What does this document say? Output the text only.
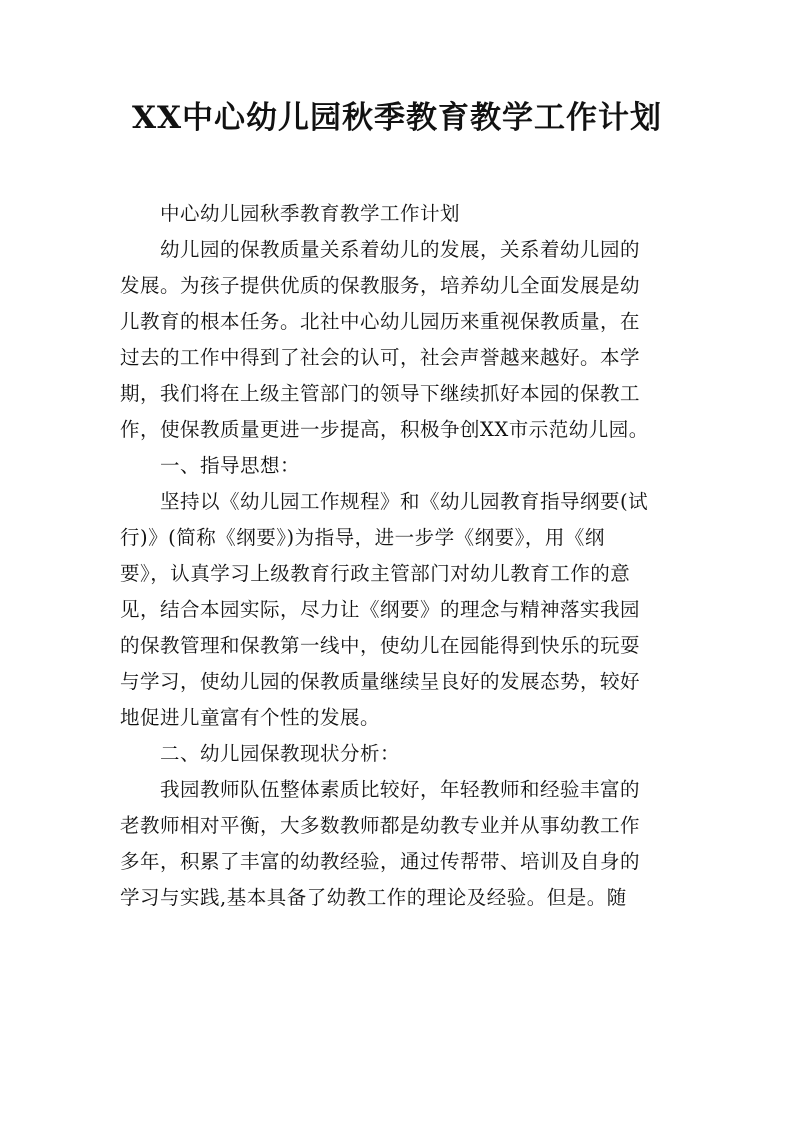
XX中心幼儿园秋季教育教学工作计划
中心幼儿园秋季教育教学工作计划
幼儿园的保教质量关系着幼儿的发展，关系着幼儿园的
发展。为孩子提供优质的保教服务，培养幼儿全面发展是幼
儿教育的根本任务。北社中心幼儿园历来重视保教质量，在
过去的工作中得到了社会的认可，社会声誉越来越好。本学
期，我们将在上级主管部门的领导下继续抓好本园的保教工
作，使保教质量更进一步提高，积极争创XX市示范幼儿园。
一、指导思想：
坚持以《幼儿园工作规程》和《幼儿园教育指导纲要(试
行)》(简称《纲要》)为指导，进一步学《纲要》，用《纲
要》，认真学习上级教育行政主管部门对幼儿教育工作的意
见，结合本园实际，尽力让《纲要》的理念与精神落实我园
的保教管理和保教第一线中，使幼儿在园能得到快乐的玩耍
与学习，使幼儿园的保教质量继续呈良好的发展态势，较好
地促进儿童富有个性的发展。
二、幼儿园保教现状分析：
我园教师队伍整体素质比较好，年轻教师和经验丰富的
老教师相对平衡，大多数教师都是幼教专业并从事幼教工作
多年，积累了丰富的幼教经验，通过传帮带、培训及自身的
学习与实践,基本具备了幼教工作的理论及经验。但是。随
